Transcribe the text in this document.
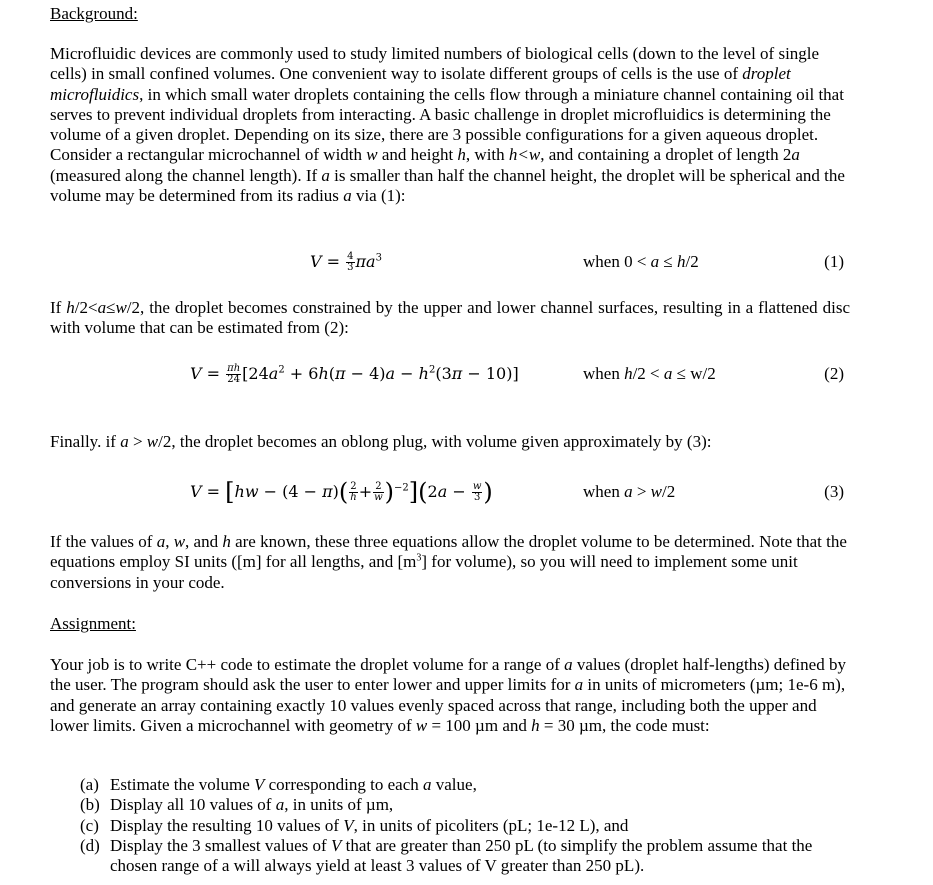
Background:
Microfluidic devices are commonly used to study limited numbers of biological cells (down to the level of single cells) in small confined volumes. One convenient way to isolate different groups of cells is the use of droplet microfluidics, in which small water droplets containing the cells flow through a miniature channel containing oil that serves to prevent individual droplets from interacting. A basic challenge in droplet microfluidics is determining the volume of a given droplet. Depending on its size, there are 3 possible configurations for a given aqueous droplet. Consider a rectangular microchannel of width w and height h, with h<w, and containing a droplet of length 2a (measured along the channel length). If a is smaller than half the channel height, the droplet will be spherical and the volume may be determined from its radius a via (1):
$V = \frac{4}{3} \pi a^3$	when 0 < a ≤ h/2	(1)
If h/2<a≤w/2, the droplet becomes constrained by the upper and lower channel surfaces, resulting in a flattened disc with volume that can be estimated from (2):
$V = \frac{\pi h}{24} [24a^2 + 6h(\pi - 4)a - h^2(3\pi - 10)]$	when h/2 < a ≤ w/2	(2)
Finally. if a > w/2, the droplet becomes an oblong plug, with volume given approximately by (3):
$V = [hw - (4 - \pi)( \frac{2}{h} + \frac{2}{w} )^{-2}](2a - \frac{w}{3}$ )	when a > w/2	(3)
If the values of a, w, and h are known, these three equations allow the droplet volume to be determined. Note that the equations employ SI units ([m] for all lengths, and $[m^3]$ for volume), so you will need to implement some unit conversions in your code.
Assignment:
Your job is to write C++ code to estimate the droplet volume for a range of a values (droplet half-lengths) defined by the user. The program should ask the user to enter lower and upper limits for a in units of micrometers (µm; 1e-6 m), and generate an array containing exactly 10 values evenly spaced across that range, including both the upper and lower limits. Given a microchannel with geometry of w = 100 µm and h = 30 µm, the code must:
(a) Estimate the volume V corresponding to each a value,
(b) Display all 10 values of a, in units of µm,
(c) Display the resulting 10 values of V, in units of picoliters (pL; 1e-12 L), and
(d) Display the 3 smallest values of V that are greater than 250 pL (to simplify the problem assume that the chosen range of a will always yield at least 3 values of V greater than 250 pL).
